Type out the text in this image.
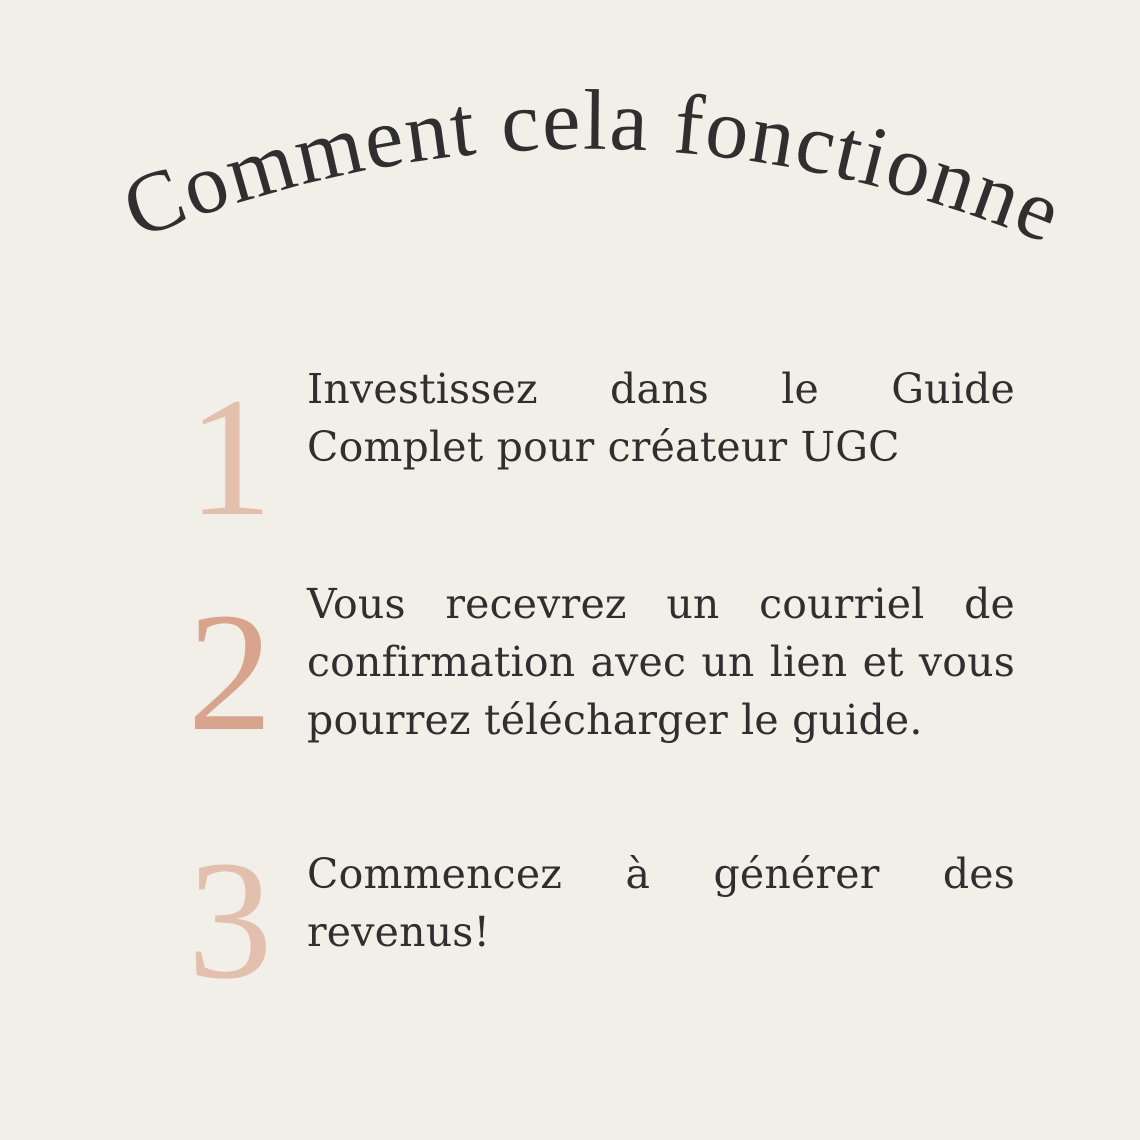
Comment cela fonctionne
1 Investissez dans le Guide Complet pour créateur UGC
2 Vous recevrez un courriel de confirmation avec un lien et vous pourrez télécharger le guide.
3 Commencez à générer des revenus!
